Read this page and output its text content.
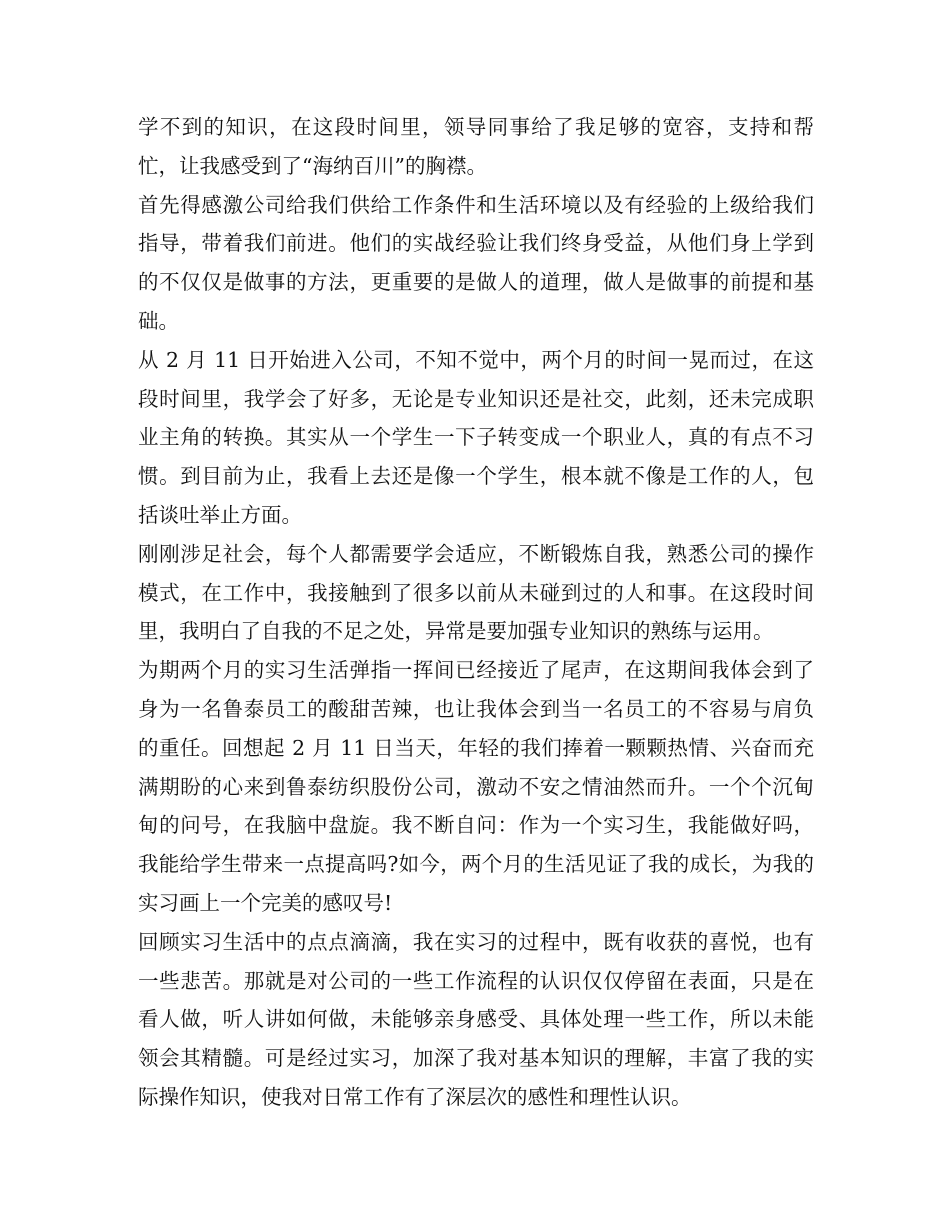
学不到的知识，在这段时间里，领导同事给了我足够的宽容，支持和帮忙，让我感受到了“海纳百川”的胸襟。

首先得感激公司给我们供给工作条件和生活环境以及有经验的上级给我们指导，带着我们前进。他们的实战经验让我们终身受益，从他们身上学到的不仅仅是做事的方法，更重要的是做人的道理，做人是做事的前提和基础。

从 2 月 11 日开始进入公司，不知不觉中，两个月的时间一晃而过，在这段时间里，我学会了好多，无论是专业知识还是社交，此刻，还未完成职业主角的转换。其实从一个学生一下子转变成一个职业人，真的有点不习惯。到目前为止，我看上去还是像一个学生，根本就不像是工作的人，包括谈吐举止方面。

刚刚涉足社会，每个人都需要学会适应，不断锻炼自我，熟悉公司的操作模式，在工作中，我接触到了很多以前从未碰到过的人和事。在这段时间里，我明白了自我的不足之处，异常是要加强专业知识的熟练与运用。

为期两个月的实习生活弹指一挥间已经接近了尾声，在这期间我体会到了身为一名鲁泰员工的酸甜苦辣，也让我体会到当一名员工的不容易与肩负的重任。回想起 2 月 11 日当天，年轻的我们捧着一颗颗热情、兴奋而充满期盼的心来到鲁泰纺织股份公司，激动不安之情油然而升。一个个沉甸甸的问号，在我脑中盘旋。我不断自问：作为一个实习生，我能做好吗，我能给学生带来一点提高吗?如今，两个月的生活见证了我的成长，为我的实习画上一个完美的感叹号!

回顾实习生活中的点点滴滴，我在实习的过程中，既有收获的喜悦，也有一些悲苦。那就是对公司的一些工作流程的认识仅仅停留在表面，只是在看人做，听人讲如何做，未能够亲身感受、具体处理一些工作，所以未能领会其精髓。可是经过实习，加深了我对基本知识的理解，丰富了我的实际操作知识，使我对日常工作有了深层次的感性和理性认识。
